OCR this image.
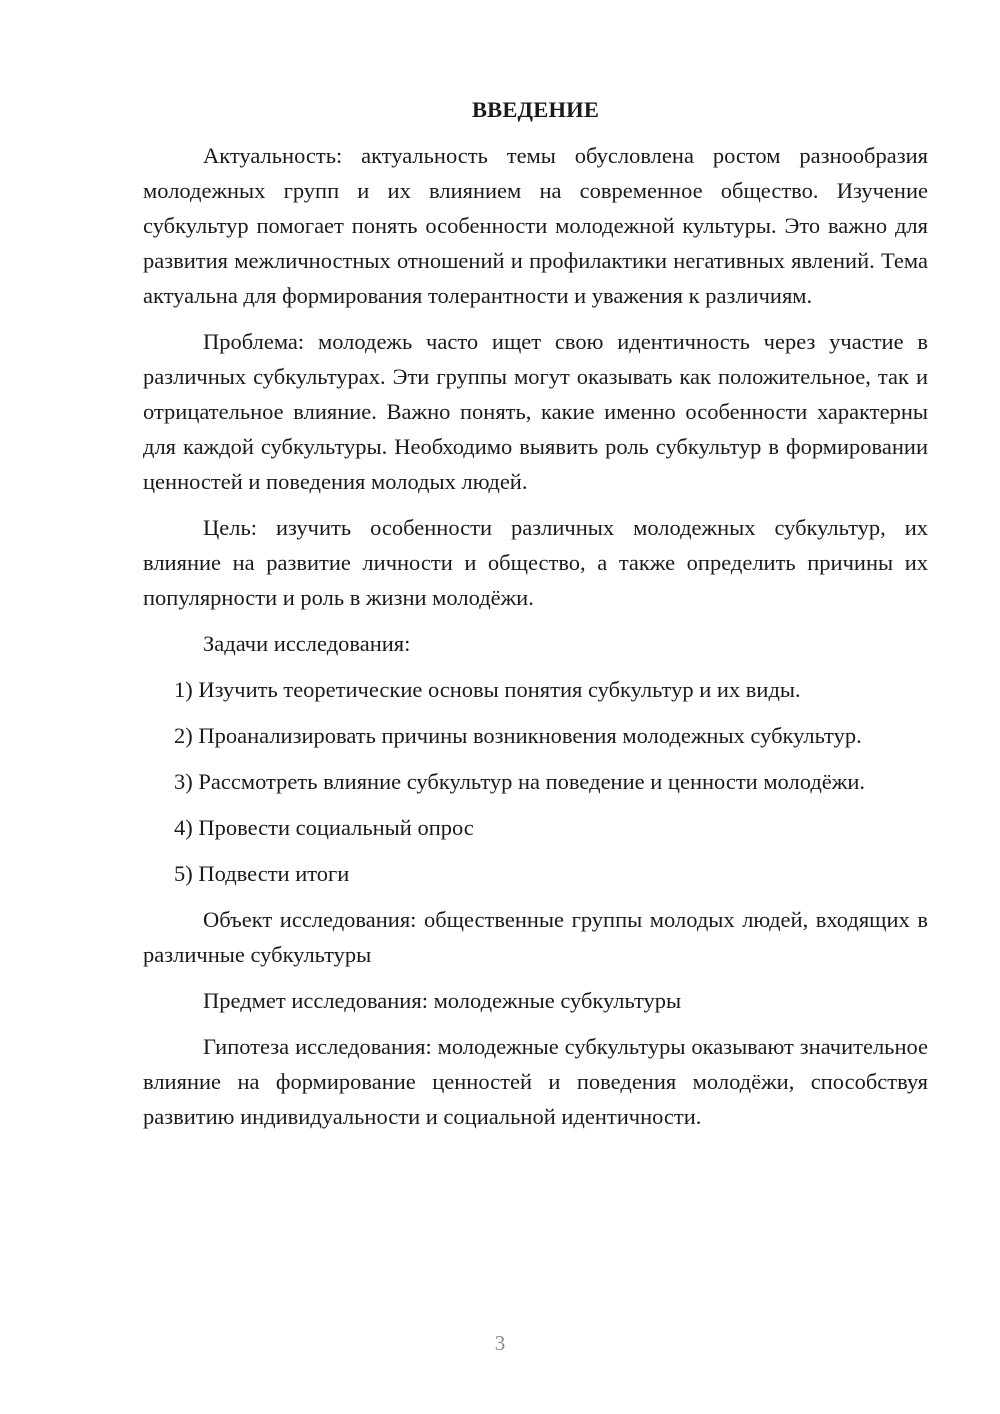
ВВЕДЕНИЕ

Актуальность: актуальность темы обусловлена ростом разнообразия молодежных групп и их влиянием на современное общество. Изучение субкультур помогает понять особенности молодежной культуры. Это важно для развития межличностных отношений и профилактики негативных явлений. Тема актуальна для формирования толерантности и уважения к различиям.

Проблема: молодежь часто ищет свою идентичность через участие в различных субкультурах. Эти группы могут оказывать как положительное, так и отрицательное влияние. Важно понять, какие именно особенности характерны для каждой субкультуры. Необходимо выявить роль субкультур в формировании ценностей и поведения молодых людей.

Цель: изучить особенности различных молодежных субкультур, их влияние на развитие личности и общество, а также определить причины их популярности и роль в жизни молодёжи.

Задачи исследования:

1) Изучить теоретические основы понятия субкультур и их виды.

2) Проанализировать причины возникновения молодежных субкультур.

3) Рассмотреть влияние субкультур на поведение и ценности молодёжи.

4) Провести социальный опрос

5) Подвести итоги

Объект исследования: общественные группы молодых людей, входящих в различные субкультуры

Предмет исследования: молодежные субкультуры

Гипотеза исследования: молодежные субкультуры оказывают значительное влияние на формирование ценностей и поведения молодёжи, способствуя развитию индивидуальности и социальной идентичности.

3
